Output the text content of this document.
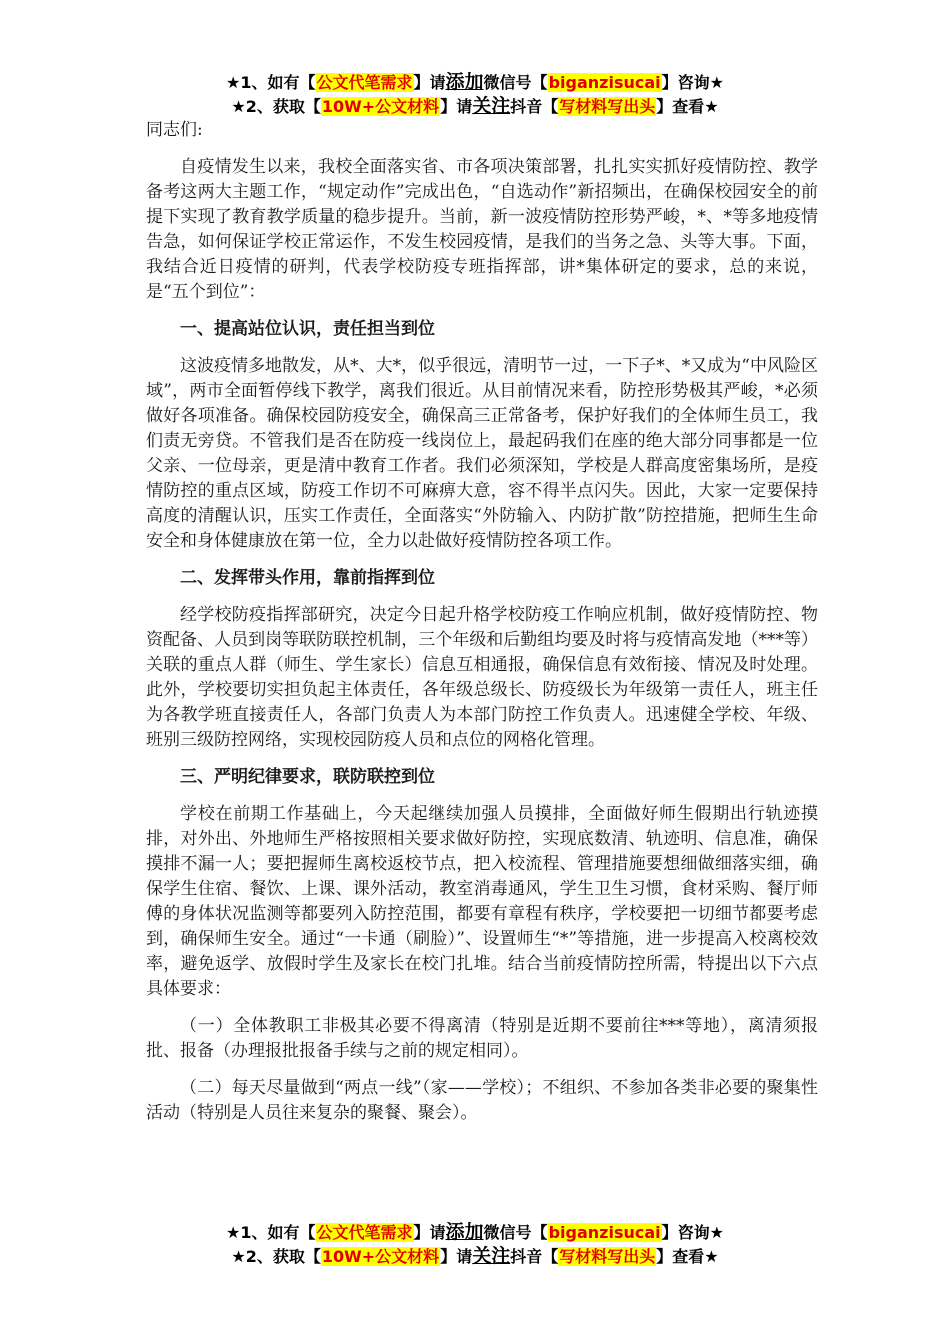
★1、如有【公文代笔需求】请添加微信号【biganzisucai】咨询★
★2、获取【10W+公文材料】请关注抖音【写材料写出头】查看★

同志们:

自疫情发生以来，我校全面落实省、市各项决策部署，扎扎实实抓好疫情防控、教学备考这两大主题工作，“规定动作”完成出色，“自选动作”新招频出，在确保校园安全的前提下实现了教育教学质量的稳步提升。当前，新一波疫情防控形势严峻，*、*等多地疫情告急，如何保证学校正常运作，不发生校园疫情，是我们的当务之急、头等大事。下面，我结合近日疫情的研判，代表学校防疫专班指挥部，讲*集体研定的要求，总的来说，是“五个到位”：

一、提高站位认识，责任担当到位

这波疫情多地散发，从*、大*，似乎很远，清明节一过，一下子*、*又成为“中风险区域”，两市全面暂停线下教学，离我们很近。从目前情况来看，防控形势极其严峻，*必须做好各项准备。确保校园防疫安全，确保高三正常备考，保护好我们的全体师生员工，我们责无旁贷。不管我们是否在防疫一线岗位上，最起码我们在座的绝大部分同事都是一位父亲、一位母亲，更是清中教育工作者。我们必须深知，学校是人群高度密集场所，是疫情防控的重点区域，防疫工作切不可麻痹大意，容不得半点闪失。因此，大家一定要保持高度的清醒认识，压实工作责任，全面落实“外防输入、内防扩散”防控措施，把师生生命安全和身体健康放在第一位，全力以赴做好疫情防控各项工作。

二、发挥带头作用，靠前指挥到位

经学校防疫指挥部研究，决定今日起升格学校防疫工作响应机制，做好疫情防控、物资配备、人员到岗等联防联控机制，三个年级和后勤组均要及时将与疫情高发地（***等）关联的重点人群（师生、学生家长）信息互相通报，确保信息有效衔接、情况及时处理。此外，学校要切实担负起主体责任，各年级总级长、防疫级长为年级第一责任人，班主任为各教学班直接责任人，各部门负责人为本部门防控工作负责人。迅速健全学校、年级、班别三级防控网络，实现校园防疫人员和点位的网格化管理。

三、严明纪律要求，联防联控到位

学校在前期工作基础上，今天起继续加强人员摸排，全面做好师生假期出行轨迹摸排，对外出、外地师生严格按照相关要求做好防控，实现底数清、轨迹明、信息准，确保摸排不漏一人；要把握师生离校返校节点，把入校流程、管理措施要想细做细落实细，确保学生住宿、餐饮、上课、课外活动，教室消毒通风，学生卫生习惯，食材采购、餐厅师傅的身体状况监测等都要列入防控范围，都要有章程有秩序，学校要把一切细节都要考虑到，确保师生安全。通过“一卡通（刷脸）”、设置师生“*”等措施，进一步提高入校离校效率，避免返学、放假时学生及家长在校门扎堆。结合当前疫情防控所需，特提出以下六点具体要求：

（一）全体教职工非极其必要不得离清（特别是近期不要前往***等地），离清须报批、报备（办理报批报备手续与之前的规定相同）。

（二）每天尽量做到“两点一线”（家——学校）；不组织、不参加各类非必要的聚集性活动（特别是人员往来复杂的聚餐、聚会）。

★1、如有【公文代笔需求】请添加微信号【biganzisucai】咨询★
★2、获取【10W+公文材料】请关注抖音【写材料写出头】查看★
